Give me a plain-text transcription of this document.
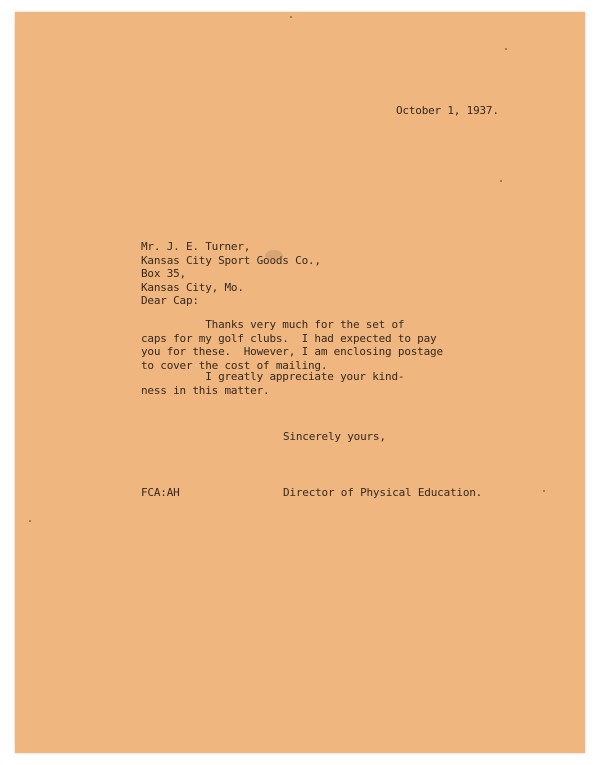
October 1, 1937.
Mr. J. E. Turner,
Kansas City Sport Goods Co.,
Box 35,
Kansas City, Mo.
Dear Cap:
Thanks very much for the set of
caps for my golf clubs.  I had expected to pay
you for these.  However, I am enclosing postage
to cover the cost of mailing.
I greatly appreciate your kind-
ness in this matter.
Sincerely yours,
FCA:AH	Director of Physical Education.
